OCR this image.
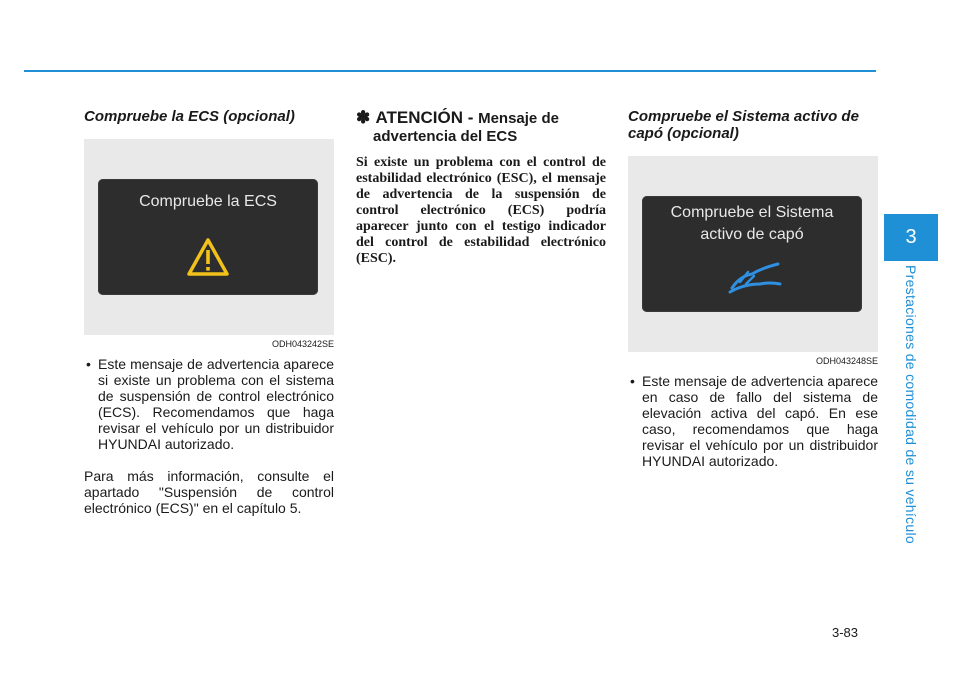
Compruebe la ECS (opcional)
Compruebe la ECS
ODH043242SE

• Este mensaje de advertencia aparece si existe un problema con el sistema de suspensión de control electrónico (ECS). Recomendamos que haga revisar el vehículo por un distribuidor HYUNDAI autorizado.

Para más información, consulte el apartado "Suspensión de control electrónico (ECS)" en el capítulo 5.

✽ ATENCIÓN - Mensaje de
advertencia del ECS

Si existe un problema con el control de estabilidad electrónico (ESC), el mensaje de advertencia de la suspensión de control electrónico (ECS) podría aparecer junto con el testigo indicador del control de estabilidad electrónico (ESC).

Compruebe el Sistema activo de
capó (opcional)
Compruebe el Sistema
activo de capó
ODH043248SE

• Este mensaje de advertencia aparece en caso de fallo del sistema de elevación activa del capó. En ese caso, recomendamos que haga revisar el vehículo por un distribuidor HYUNDAI autorizado.

3
Prestaciones de comodidad de su vehículo
3-83
